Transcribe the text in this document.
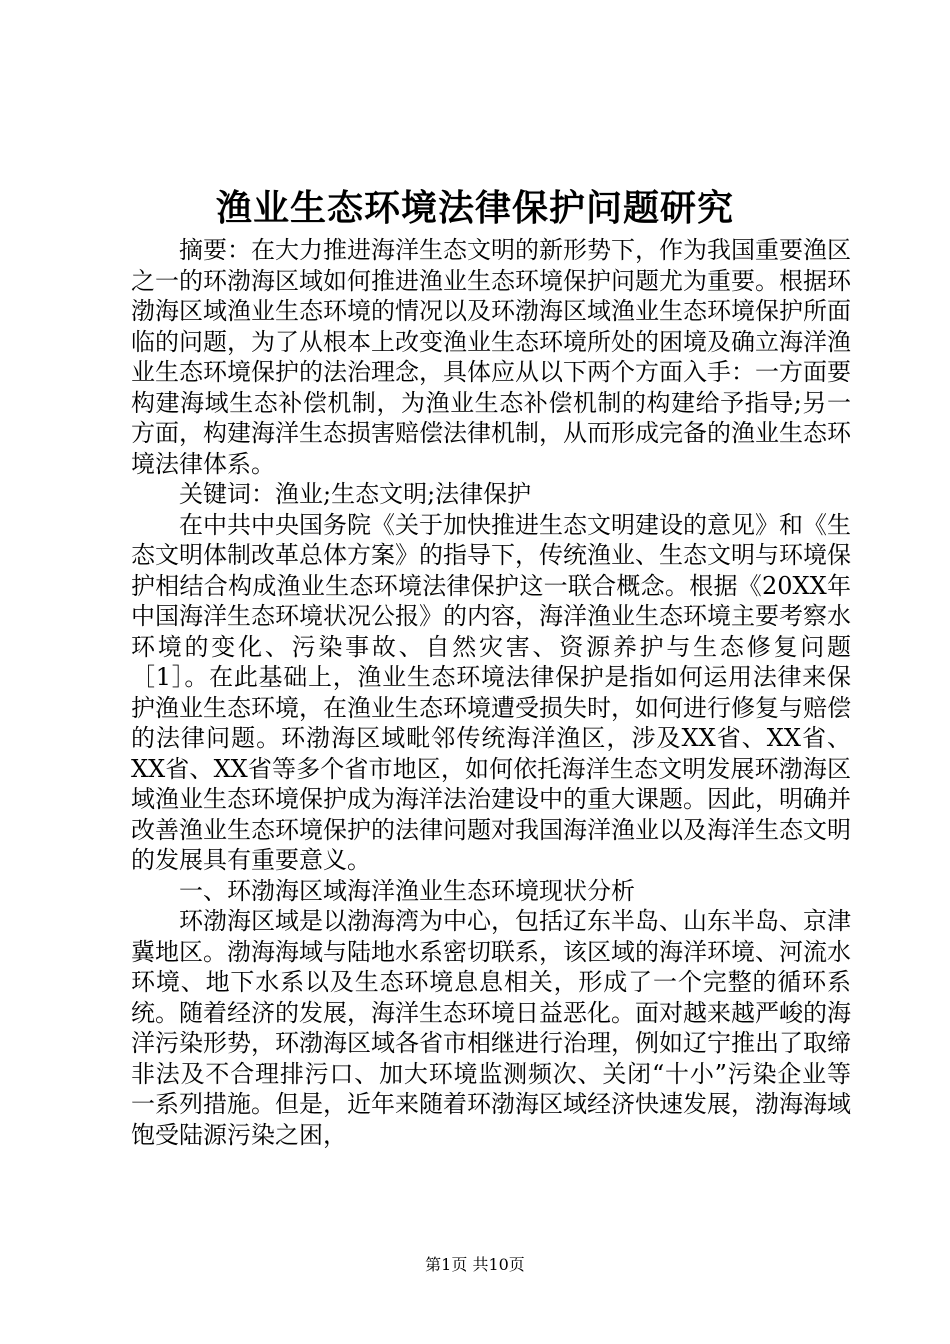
渔业生态环境法律保护问题研究

摘要：在大力推进海洋生态文明的新形势下，作为我国重要渔区之一的环渤海区域如何推进渔业生态环境保护问题尤为重要。根据环渤海区域渔业生态环境的情况以及环渤海区域渔业生态环境保护所面临的问题，为了从根本上改变渔业生态环境所处的困境及确立海洋渔业生态环境保护的法治理念，具体应从以下两个方面入手：一方面要构建海域生态补偿机制，为渔业生态补偿机制的构建给予指导;另一方面，构建海洋生态损害赔偿法律机制，从而形成完备的渔业生态环境法律体系。

关键词：渔业;生态文明;法律保护

在中共中央国务院《关于加快推进生态文明建设的意见》和《生态文明体制改革总体方案》的指导下，传统渔业、生态文明与环境保护相结合构成渔业生态环境法律保护这一联合概念。根据《20XX年中国海洋生态环境状况公报》的内容，海洋渔业生态环境主要考察水环境的变化、污染事故、自然灾害、资源养护与生态修复问题［1］。在此基础上，渔业生态环境法律保护是指如何运用法律来保护渔业生态环境，在渔业生态环境遭受损失时，如何进行修复与赔偿的法律问题。环渤海区域毗邻传统海洋渔区，涉及XX省、XX省、XX省、XX省等多个省市地区，如何依托海洋生态文明发展环渤海区域渔业生态环境保护成为海洋法治建设中的重大课题。因此，明确并改善渔业生态环境保护的法律问题对我国海洋渔业以及海洋生态文明的发展具有重要意义。

一、环渤海区域海洋渔业生态环境现状分析

环渤海区域是以渤海湾为中心，包括辽东半岛、山东半岛、京津冀地区。渤海海域与陆地水系密切联系，该区域的海洋环境、河流水环境、地下水系以及生态环境息息相关，形成了一个完整的循环系统。随着经济的发展，海洋生态环境日益恶化。面对越来越严峻的海洋污染形势，环渤海区域各省市相继进行治理，例如辽宁推出了取缔非法及不合理排污口、加大环境监测频次、关闭“十小”污染企业等一系列措施。但是，近年来随着环渤海区域经济快速发展，渤海海域饱受陆源污染之困，

第1页 共10页
